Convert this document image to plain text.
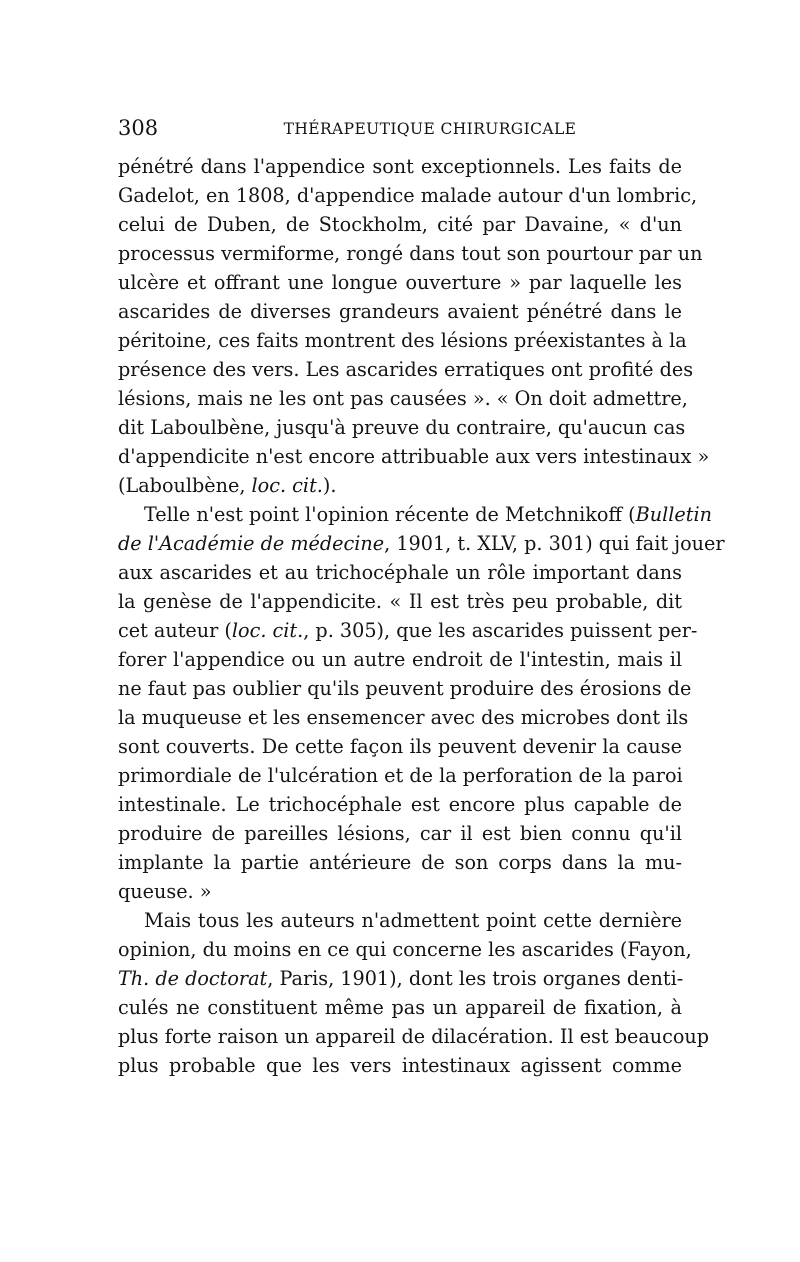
308	THÉRAPEUTIQUE CHIRURGICALE
pénétré dans l'appendice sont exceptionnels. Les faits de
Gadelot, en 1808, d'appendice malade autour d'un lombric,
celui de Duben, de Stockholm, cité par Davaine, « d'un
processus vermiforme, rongé dans tout son pourtour par un
ulcère et offrant une longue ouverture » par laquelle les
ascarides de diverses grandeurs avaient pénétré dans le
péritoine, ces faits montrent des lésions préexistantes à la
présence des vers. Les ascarides erratiques ont profité des
lésions, mais ne les ont pas causées ». « On doit admettre,
dit Laboulbène, jusqu'à preuve du contraire, qu'aucun cas
d'appendicite n'est encore attribuable aux vers intestinaux »
(Laboulbène, loc. cit.).
Telle n'est point l'opinion récente de Metchnikoff (Bulletin
de l'Académie de médecine, 1901, t. XLV, p. 301) qui fait jouer
aux ascarides et au trichocéphale un rôle important dans
la genèse de l'appendicite. « Il est très peu probable, dit
cet auteur (loc. cit., p. 305), que les ascarides puissent per-
forer l'appendice ou un autre endroit de l'intestin, mais il
ne faut pas oublier qu'ils peuvent produire des érosions de
la muqueuse et les ensemencer avec des microbes dont ils
sont couverts. De cette façon ils peuvent devenir la cause
primordiale de l'ulcération et de la perforation de la paroi
intestinale. Le trichocéphale est encore plus capable de
produire de pareilles lésions, car il est bien connu qu'il
implante la partie antérieure de son corps dans la mu-
queuse. »
Mais tous les auteurs n'admettent point cette dernière
opinion, du moins en ce qui concerne les ascarides (Fayon,
Th. de doctorat, Paris, 1901), dont les trois organes denti-
culés ne constituent même pas un appareil de fixation, à
plus forte raison un appareil de dilacération. Il est beaucoup
plus probable que les vers intestinaux agissent comme
